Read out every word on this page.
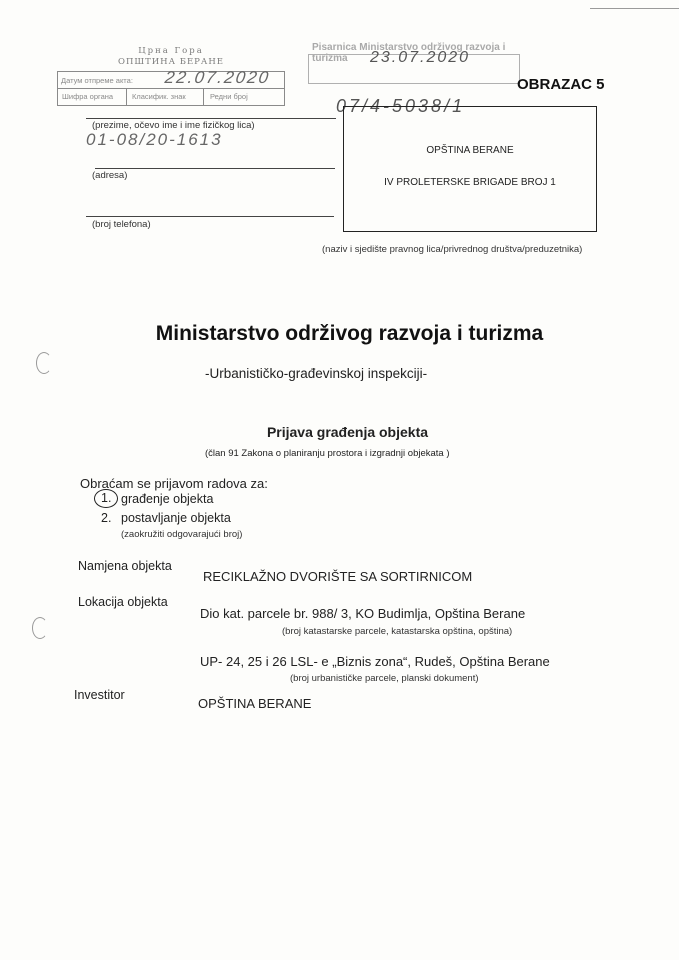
Црна Гора
ОПШТИНА БЕРАНЕ
Датум отпреме акта:
Шифра органа	Класифик. знак	Редни број
22.07.2020
Pisarnica Ministarstvo održivog razvoja i turizma	23.07.2020
OBRAZAC 5
07/4-5038/1
01-08/20-1613
(prezime, očevo ime i ime fizičkog lica)
(adresa)
(broj telefona)
OPŠTINA BERANE
IV PROLETERSKE BRIGADE BROJ 1
(naziv i sjedište pravnog lica/privrednog društva/preduzetnika)
Ministarstvo održivog razvoja i turizma
-Urbanističko-građevinskoj inspekciji-
Prijava građenja objekta
(član 91 Zakona o planiranju prostora i izgradnji objekata )
Obraćam se prijavom radova za:
1. građenje objekta
2. postavljanje objekta
(zaokružiti odgovarajući broj)
Namjena objekta
RECIKLAŽNO DVORIŠTE SA SORTIRNICOM
Lokacija objekta
Dio kat. parcele br. 988/ 3, KO Budimlja, Opština Berane
(broj katastarske parcele, katastarska opština, opština)
UP- 24, 25 i 26 LSL- e „Biznis zona“, Rudeš, Opština Berane
(broj urbanističke parcele, planski dokument)
Investitor
OPŠTINA BERANE
